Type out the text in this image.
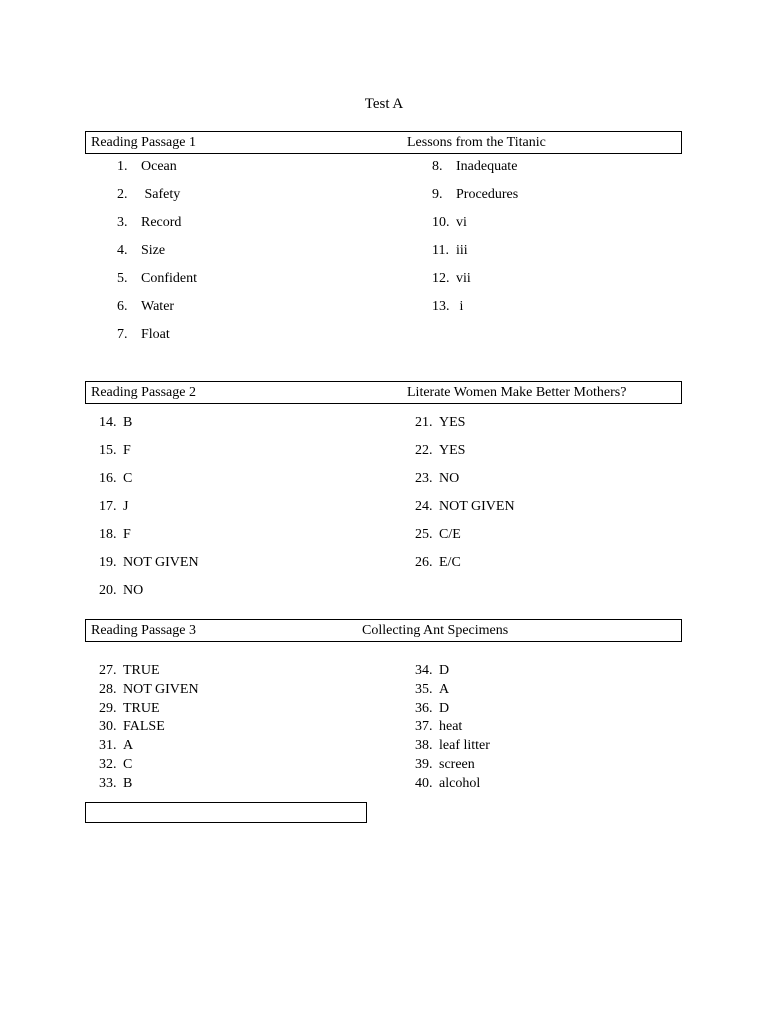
Test A
Reading Passage 1	Lessons from the Titanic
1. Ocean
2. Safety
3. Record
4. Size
5. Confident
6. Water
7. Float
8. Inadequate
9. Procedures
10. vi
11. iii
12. vii
13. i
Reading Passage 2	Literate Women Make Better Mothers?
14. B
15. F
16. C
17. J
18. F
19. NOT GIVEN
20. NO
21. YES
22. YES
23. NO
24. NOT GIVEN
25. C/E
26. E/C
Reading Passage 3	Collecting Ant Specimens
27. TRUE
28. NOT GIVEN
29. TRUE
30. FALSE
31. A
32. C
33. B
34. D
35. A
36. D
37. heat
38. leaf litter
39. screen
40. alcohol
